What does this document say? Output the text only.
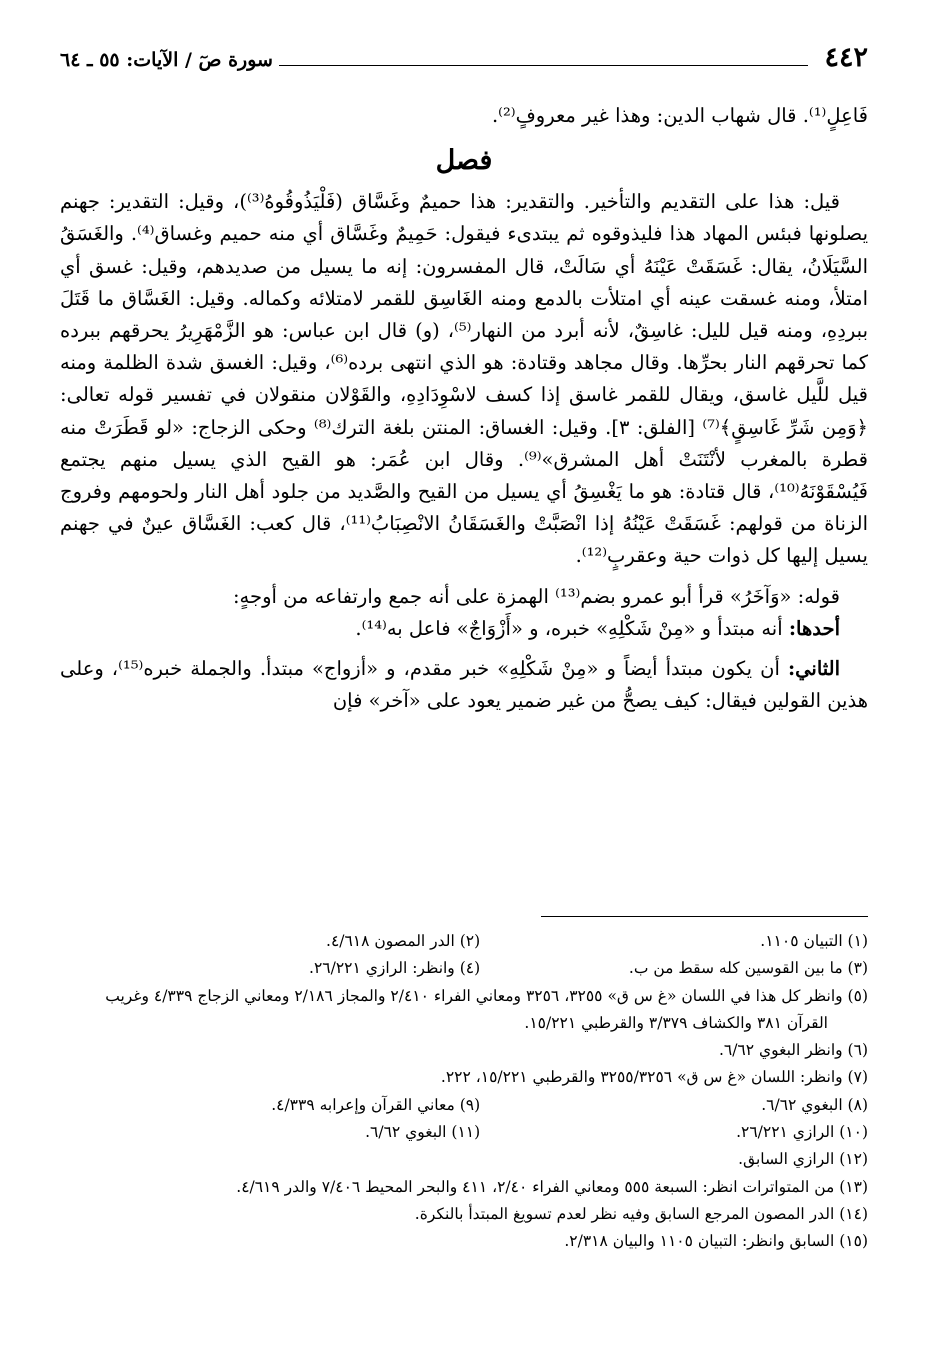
٤٤٢
سورة صٓ / الآيات: ٥٥ ـ ٦٤

فَاعِلٍ⁽¹⁾. قال شهاب الدين: وهذا غير معروفٍ⁽²⁾.

فصل

قيل: هذا على التقديم والتأخير. والتقدير: هذا حميمٌ وغَسَّاق (فَلْيَذُوقُوهُ⁽³⁾)، وقيل: التقدير: جهنم يصلونها فبئس المهاد هذا فليذوقوه ثم يبتدىء فيقول: حَمِيمٌ وغَسَّاق أي منه حميم وغساق⁽⁴⁾. والغَسَقُ السَّيَلَانُ، يقال: غَسَقَتْ عَيْنَهُ أي سَالَتْ، قال المفسرون: إنه ما يسيل من صديدهم، وقيل: غسق أي امتلأ، ومنه غسقت عينه أي امتلأت بالدمع ومنه الغَاسِق للقمر لامتلائه وكماله. وقيل: الغَسَّاق ما قَتَلَ ببردِهِ، ومنه قيل لليل: غاسِقٌ، لأنه أبرد من النهار⁽⁵⁾، (و) قال ابن عباس: هو الزَّمْهَرِيرُ يحرقهم ببرده كما تحرقهم النار بحرِّها. وقال مجاهد وقتادة: هو الذي انتهى برده⁽⁶⁾، وقيل: الغسق شدة الظلمة ومنه قيل للَّيل غاسق، ويقال للقمر غاسق إذا كسف لاسْوِدَادِهِ، والقَوْلان منقولان في تفسير قوله تعالى: ﴿وَمِن شَرِّ غَاسِقٍ﴾⁽⁷⁾ [الفلق: ٣]. وقيل: الغساق: المنتن بلغة الترك⁽⁸⁾ وحكى الزجاج: «لو قَطَرَتْ منه قطرة بالمغرب لأنْتَنَتْ أهل المشرق»⁽⁹⁾. وقال ابن عُمَر: هو القيح الذي يسيل منهم يجتمع فَيُسْقَوْنَهُ⁽¹⁰⁾، قال قتادة: هو ما يَغْسِقُ أي يسيل من القيح والصَّديد من جلود أهل النار ولحومهم وفروج الزناة من قولهم: غَسَقَتْ عَيْنُهُ إذا انْصَبَّتْ والغَسَقَانُ الانْصِبَابُ⁽¹¹⁾، قال كعب: الغَسَّاق عينٌ في جهنم يسيل إليها كل ذوات حية وعقربٍ⁽¹²⁾.

قوله: «وَآخَرُ» قرأ أبو عمرو بضم⁽¹³⁾ الهمزة على أنه جمع وارتفاعه من أوجهٍ:

أحدها: أنه مبتدأ و «مِنْ شَكْلِهِ» خبره، و «أَزْوَاجٌ» فاعل به⁽¹⁴⁾.

الثاني: أن يكون مبتدأ أيضاً و «مِنْ شَكْلِهِ» خبر مقدم، و «أزواج» مبتدأ. والجملة خبره⁽¹⁵⁾، وعلى هذين القولين فيقال: كيف يصحُّ من غير ضمير يعود على «آخر» فإن

(١) التبيان ١١٠٥.
(٢) الدر المصون ٤/٦١٨.
(٣) ما بين القوسين كله سقط من ب.
(٤) وانظر: الرازي ٢٦/٢٢١.
(٥) وانظر كل هذا في اللسان «غ س ق» ٣٢٥٥، ٣٢٥٦ ومعاني الفراء ٢/٤١٠ والمجاز ٢/١٨٦ ومعاني الزجاج ٤/٣٣٩ وغريب القرآن ٣٨١ والكشاف ٣/٣٧٩ والقرطبي ١٥/٢٢١.
(٦) وانظر البغوي ٦/٦٢.
(٧) وانظر: اللسان «غ س ق» ٣٢٥٥/٣٢٥٦ والقرطبي ١٥/٢٢١، ٢٢٢.
(٨) البغوي ٦/٦٢.
(٩) معاني القرآن وإعرابه ٤/٣٣٩.
(١٠) الرازي ٢٦/٢٢١.
(١١) البغوي ٦/٦٢.
(١٢) الرازي السابق.
(١٣) من المتواترات انظر: السبعة ٥٥٥ ومعاني الفراء ٢/٤٠، ٤١١ والبحر المحيط ٧/٤٠٦ والدر ٤/٦١٩.
(١٤) الدر المصون المرجع السابق وفيه نظر لعدم تسويغ المبتدأ بالنكرة.
(١٥) السابق وانظر: التبيان ١١٠٥ والبيان ٢/٣١٨.
